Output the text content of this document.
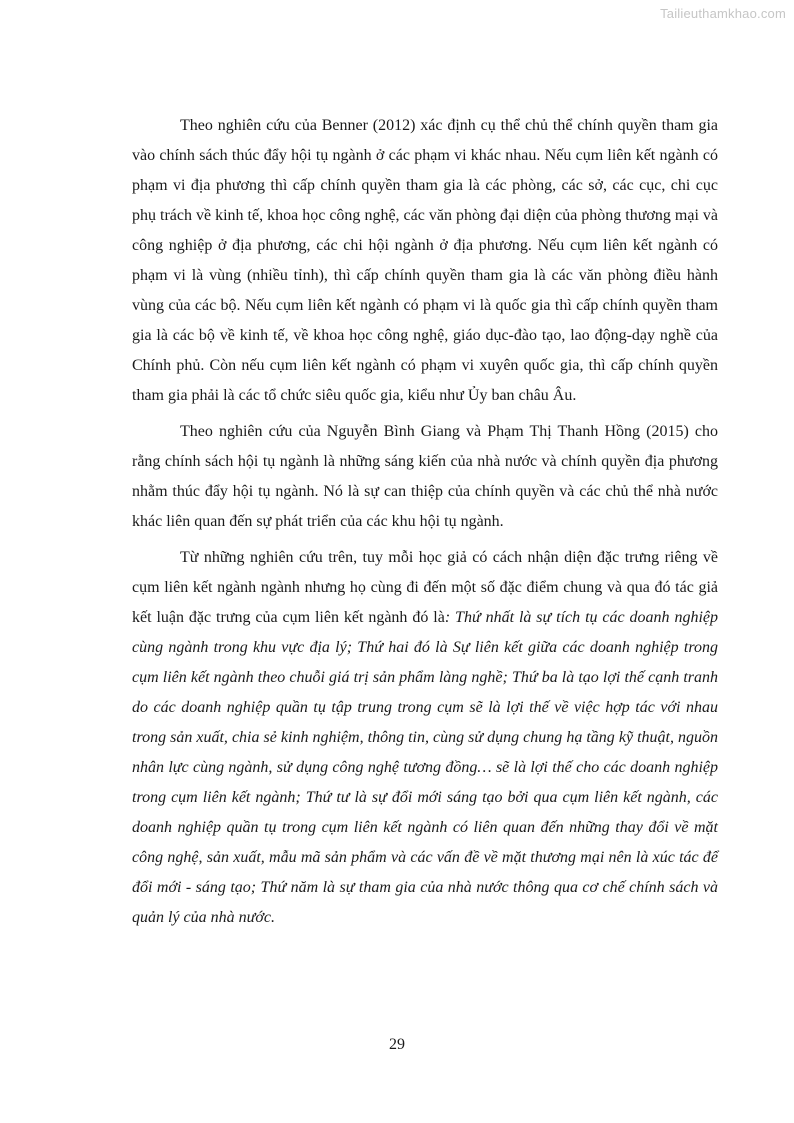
Tailieuthamkhao.com

Theo nghiên cứu của Benner (2012) xác định cụ thể chủ thể chính quyền tham gia vào chính sách thúc đẩy hội tụ ngành ở các phạm vi khác nhau. Nếu cụm liên kết ngành có phạm vi địa phương thì cấp chính quyền tham gia là các phòng, các sở, các cục, chi cục phụ trách về kinh tế, khoa học công nghệ, các văn phòng đại diện của phòng thương mại và công nghiệp ở địa phương, các chi hội ngành ở địa phương. Nếu cụm liên kết ngành có phạm vi là vùng (nhiều tỉnh), thì cấp chính quyền tham gia là các văn phòng điều hành vùng của các bộ. Nếu cụm liên kết ngành có phạm vi là quốc gia thì cấp chính quyền tham gia là các bộ về kinh tế, về khoa học công nghệ, giáo dục-đào tạo, lao động-dạy nghề của Chính phủ. Còn nếu cụm liên kết ngành có phạm vi xuyên quốc gia, thì cấp chính quyền tham gia phải là các tổ chức siêu quốc gia, kiểu như Ủy ban châu Âu.

Theo nghiên cứu của Nguyễn Bình Giang và Phạm Thị Thanh Hồng (2015) cho rằng chính sách hội tụ ngành là những sáng kiến của nhà nước và chính quyền địa phương nhằm thúc đẩy hội tụ ngành. Nó là sự can thiệp của chính quyền và các chủ thể nhà nước khác liên quan đến sự phát triển của các khu hội tụ ngành.

Từ những nghiên cứu trên, tuy mỗi học giả có cách nhận diện đặc trưng riêng về cụm liên kết ngành ngành nhưng họ cùng đi đến một số đặc điểm chung và qua đó tác giả kết luận đặc trưng của cụm liên kết ngành đó là: Thứ nhất là sự tích tụ các doanh nghiệp cùng ngành trong khu vực địa lý; Thứ hai đó là Sự liên kết giữa các doanh nghiệp trong cụm liên kết ngành theo chuỗi giá trị sản phẩm làng nghề; Thứ ba là tạo lợi thế cạnh tranh do các doanh nghiệp quần tụ tập trung trong cụm sẽ là lợi thế về việc hợp tác với nhau trong sản xuất, chia sẻ kinh nghiệm, thông tin, cùng sử dụng chung hạ tầng kỹ thuật, nguồn nhân lực cùng ngành, sử dụng công nghệ tương đồng… sẽ là lợi thế cho các doanh nghiệp trong cụm liên kết ngành; Thứ tư là sự đổi mới sáng tạo bởi qua cụm liên kết ngành, các doanh nghiệp quần tụ trong cụm liên kết ngành có liên quan đến những thay đổi về mặt công nghệ, sản xuất, mẫu mã sản phẩm và các vấn đề về mặt thương mại nên là xúc tác để đổi mới - sáng tạo; Thứ năm là sự tham gia của nhà nước thông qua cơ chế chính sách và quản lý của nhà nước.

29
